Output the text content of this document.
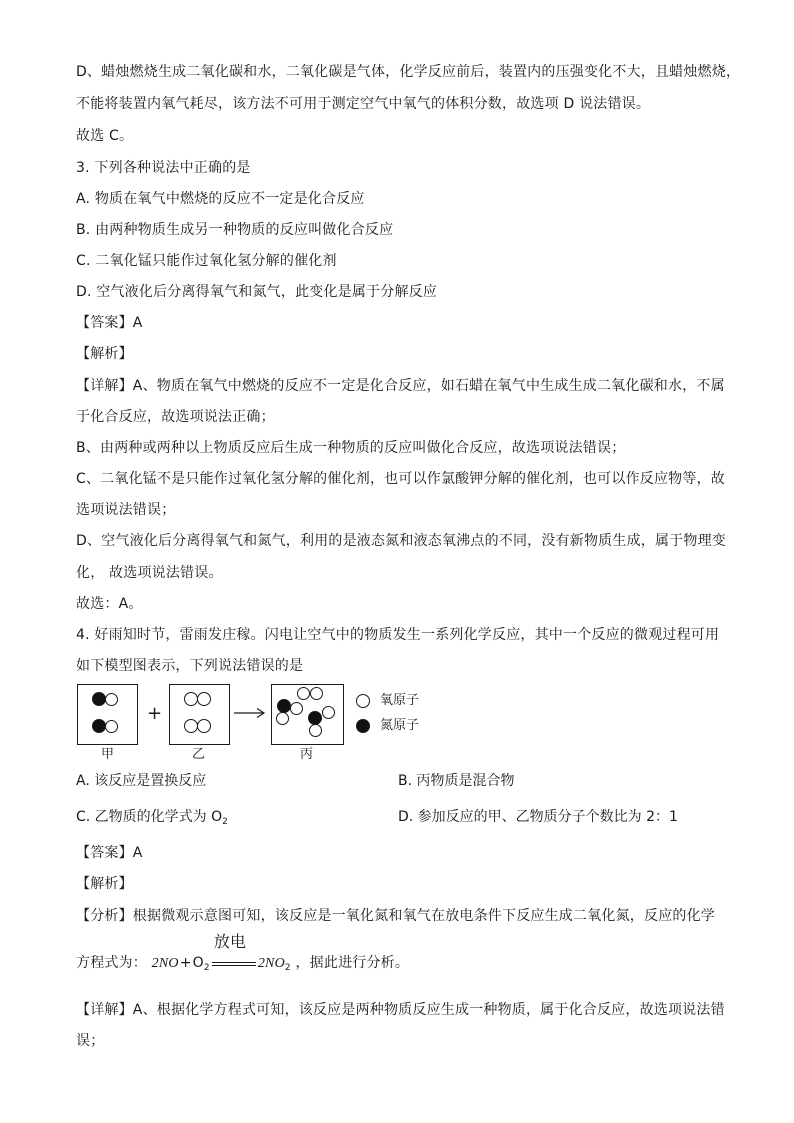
D、蜡烛燃烧生成二氧化碳和水，二氧化碳是气体，化学反应前后，装置内的压强变化不大，且蜡烛燃烧，
不能将装置内氧气耗尽，该方法不可用于测定空气中氧气的体积分数，故选项 D 说法错误。
故选 C。
3. 下列各种说法中正确的是
A. 物质在氧气中燃烧的反应不一定是化合反应
B. 由两种物质生成另一种物质的反应叫做化合反应
C. 二氧化锰只能作过氧化氢分解的催化剂
D. 空气液化后分离得氧气和氮气，此变化是属于分解反应
【答案】A
【解析】
【详解】A、物质在氧气中燃烧的反应不一定是化合反应，如石蜡在氧气中生成生成二氧化碳和水，不属
于化合反应，故选项说法正确；
B、由两种或两种以上物质反应后生成一种物质的反应叫做化合反应，故选项说法错误；
C、二氧化锰不是只能作过氧化氢分解的催化剂，也可以作氯酸钾分解的催化剂，也可以作反应物等，故
选项说法错误；
D、空气液化后分离得氧气和氮气，利用的是液态氮和液态氧沸点的不同，没有新物质生成，属于物理变
化， 故选项说法错误。
故选：A。
4. 好雨知时节，雷雨发庄稼。闪电让空气中的物质发生一系列化学反应，其中一个反应的微观过程可用
如下模型图表示，下列说法错误的是
+
氧原子
氮原子
甲	乙	丙
A. 该反应是置换反应	B. 丙物质是混合物
C. 乙物质的化学式为 $O_2$	D. 参加反应的甲、乙物质分子个数比为 2：1
【答案】A
【解析】
【分析】根据微观示意图可知，该反应是一氧化氮和氧气在放电条件下反应生成二氧化氮，反应的化学
方程式为： $2NO+O_2$
放电
$2NO_2$ ，据此进行分析。
【详解】A、根据化学方程式可知，该反应是两种物质反应生成一种物质，属于化合反应，故选项说法错
误；
